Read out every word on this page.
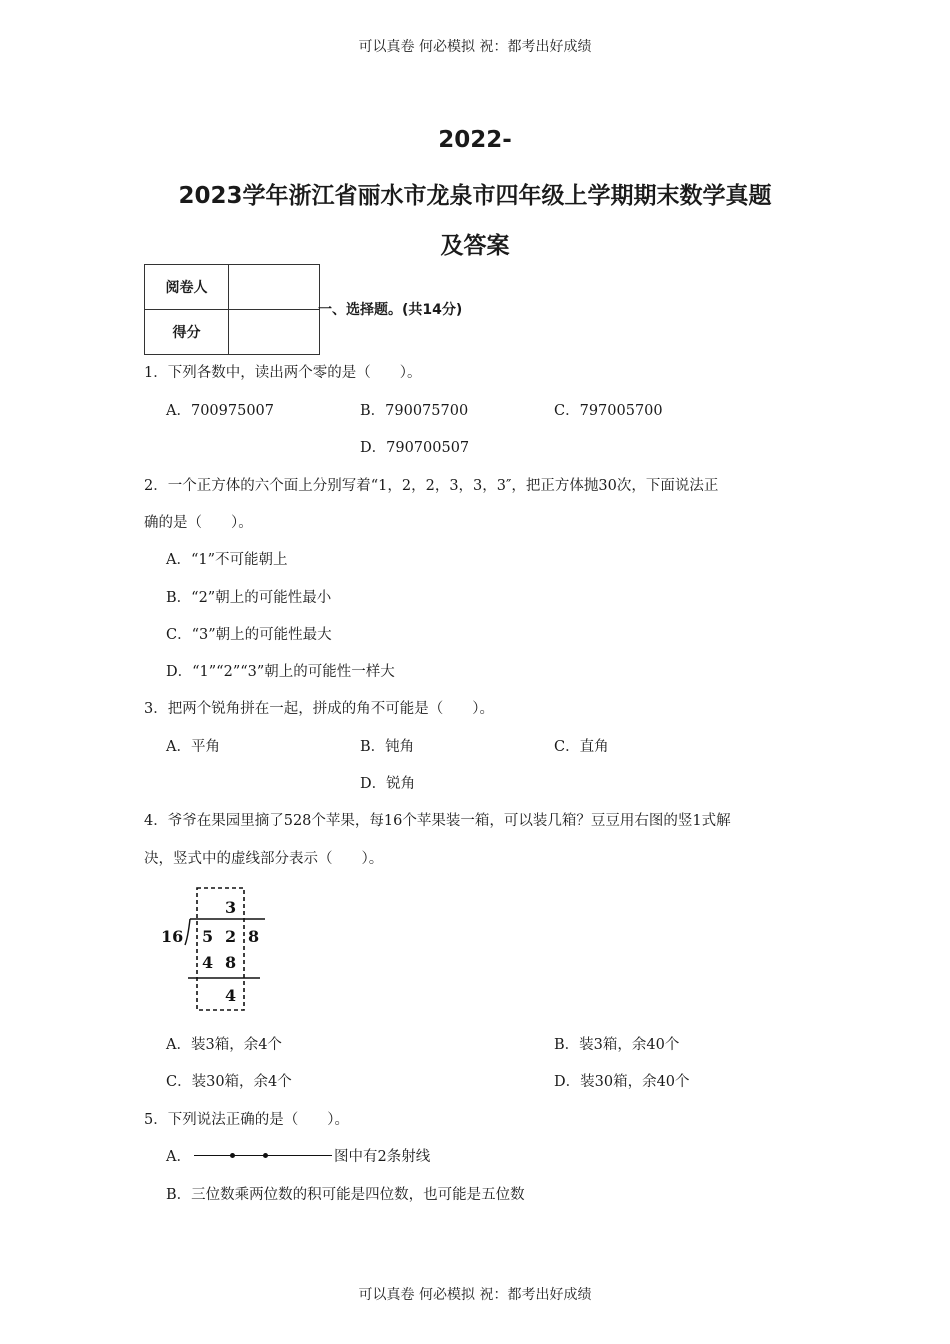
可以真卷 何必模拟 祝：都考出好成绩
2022-
2023学年浙江省丽水市龙泉市四年级上学期期末数学真题
及答案
阅卷人	
得分	
一、选择题。(共14分)
1．下列各数中，读出两个零的是（　　）。
A．700975007	B．790075700	C．797005700
D．790700507
2．一个正方体的六个面上分别写着“1，2，2，3，3，3″，把正方体抛30次，下面说法正
确的是（　　）。
A．“1”不可能朝上
B．“2”朝上的可能性最小
C．“3”朝上的可能性最大
D．“1”“2”“3”朝上的可能性一样大
3．把两个锐角拼在一起，拼成的角不可能是（　　）。
A．平角	B．钝角	C．直角
D．锐角
4．爷爷在果园里摘了528个苹果，每16个苹果装一箱，可以装几箱？豆豆用右图的竖1式解
决，竖式中的虚线部分表示（　　）。
16
3
5 2 8
4 8
4
A．装3箱，余4个	B．装3箱，余40个
C．装30箱，余4个	D．装30箱，余40个
5．下列说法正确的是（　　）。
A．	图中有2条射线
B．三位数乘两位数的积可能是四位数，也可能是五位数
可以真卷 何必模拟 祝：都考出好成绩
